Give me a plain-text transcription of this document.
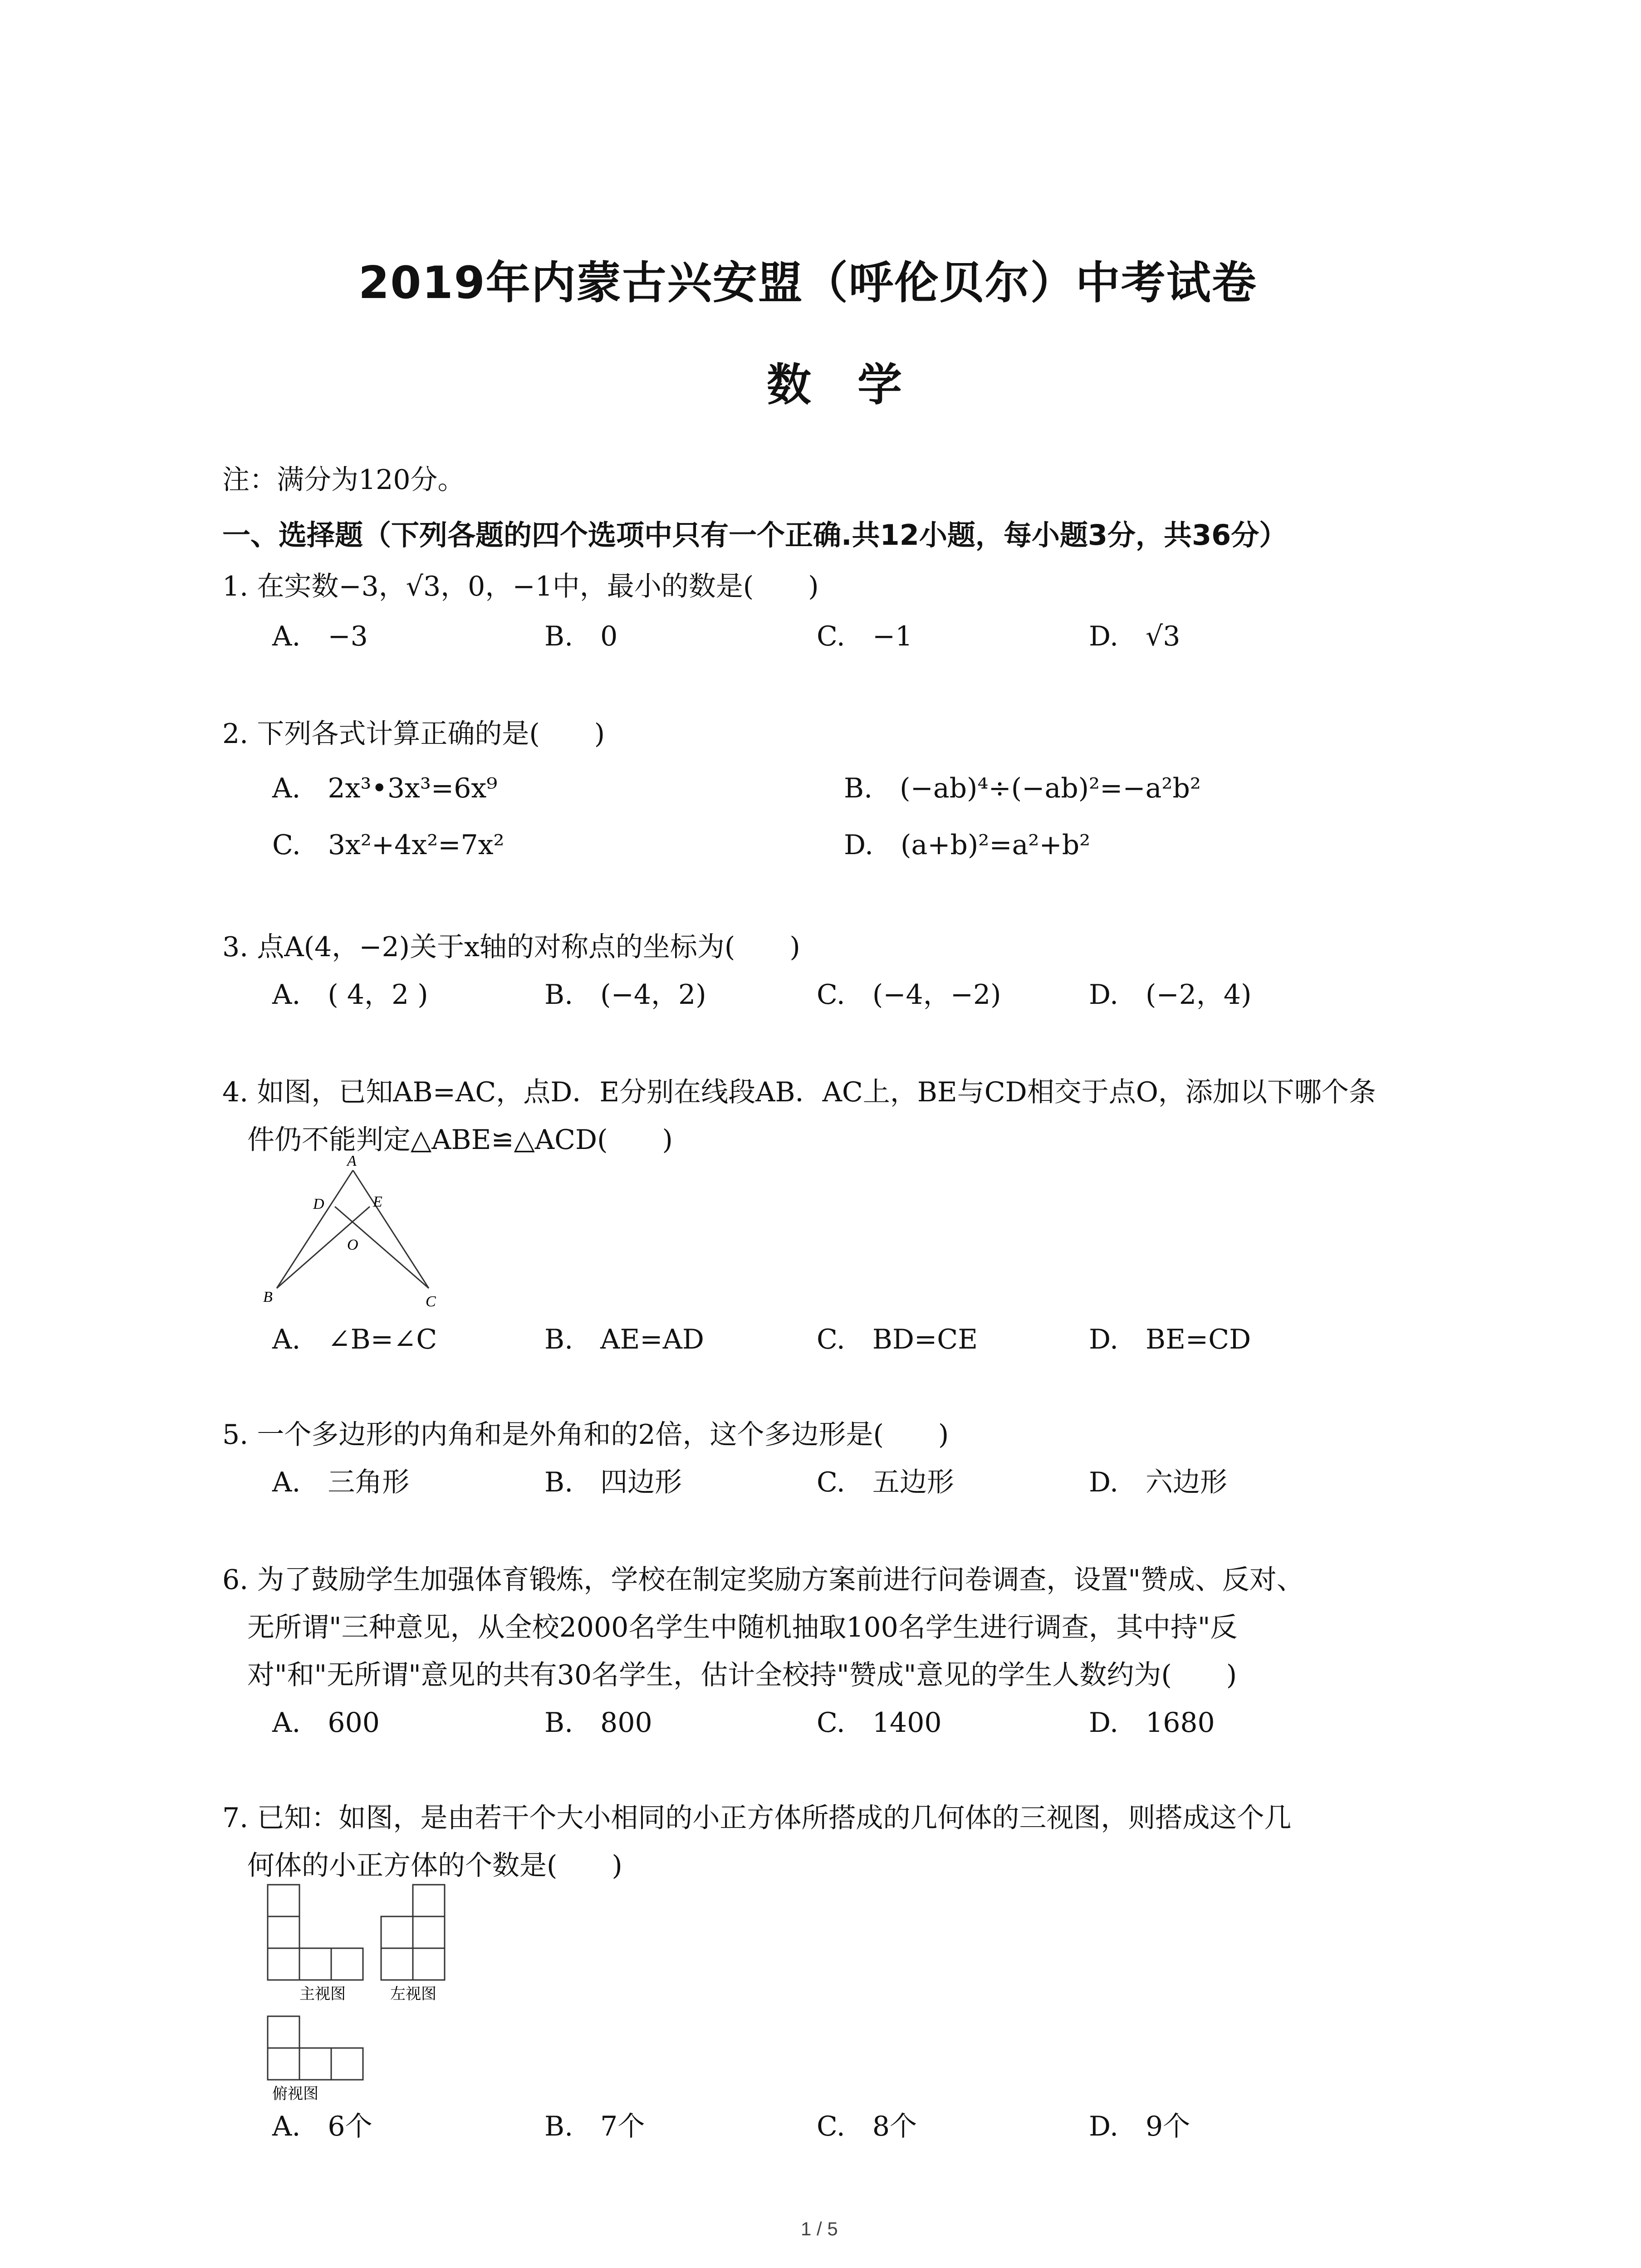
2019年内蒙古兴安盟（呼伦贝尔）中考试卷
数　学
注：满分为120分。
一、选择题（下列各题的四个选项中只有一个正确.共12小题，每小题3分，共36分）
1. 在实数−3，√3，0，−1中，最小的数是(　　)
A.　−3	B.　0	C.　−1	D.　√3
2. 下列各式计算正确的是(　　)
A.　2x³•3x³=6x⁹	B.　(−ab)⁴÷(−ab)²=−a²b²
C.　3x²+4x²=7x²	D.　(a+b)²=a²+b²
3. 点A(4，−2)关于x轴的对称点的坐标为(　　)
A.　( 4，2 )	B.　(−4，2)	C.　(−4，−2)	D.　(−2，4)
4. 如图，已知AB=AC，点D．E分别在线段AB．AC上，BE与CD相交于点O，添加以下哪个条
件仍不能判定△ABE≌△ACD(　　)
A
B	C
D	E
O
A.　∠B=∠C	B.　AE=AD	C.　BD=CE	D.　BE=CD
5. 一个多边形的内角和是外角和的2倍，这个多边形是(　　)
A.　三角形	B.　四边形	C.　五边形	D.　六边形
6. 为了鼓励学生加强体育锻炼，学校在制定奖励方案前进行问卷调查，设置"赞成、反对、
无所谓"三种意见，从全校2000名学生中随机抽取100名学生进行调查，其中持"反
对"和"无所谓"意见的共有30名学生，估计全校持"赞成"意见的学生人数约为(　　)
A.　600	B.　800	C.　1400	D.　1680
7. 已知：如图，是由若干个大小相同的小正方体所搭成的几何体的三视图，则搭成这个几
何体的小正方体的个数是(　　)
主视图	左视图
俯视图
A.　6个	B.　7个	C.　8个	D.　9个
1 / 5
